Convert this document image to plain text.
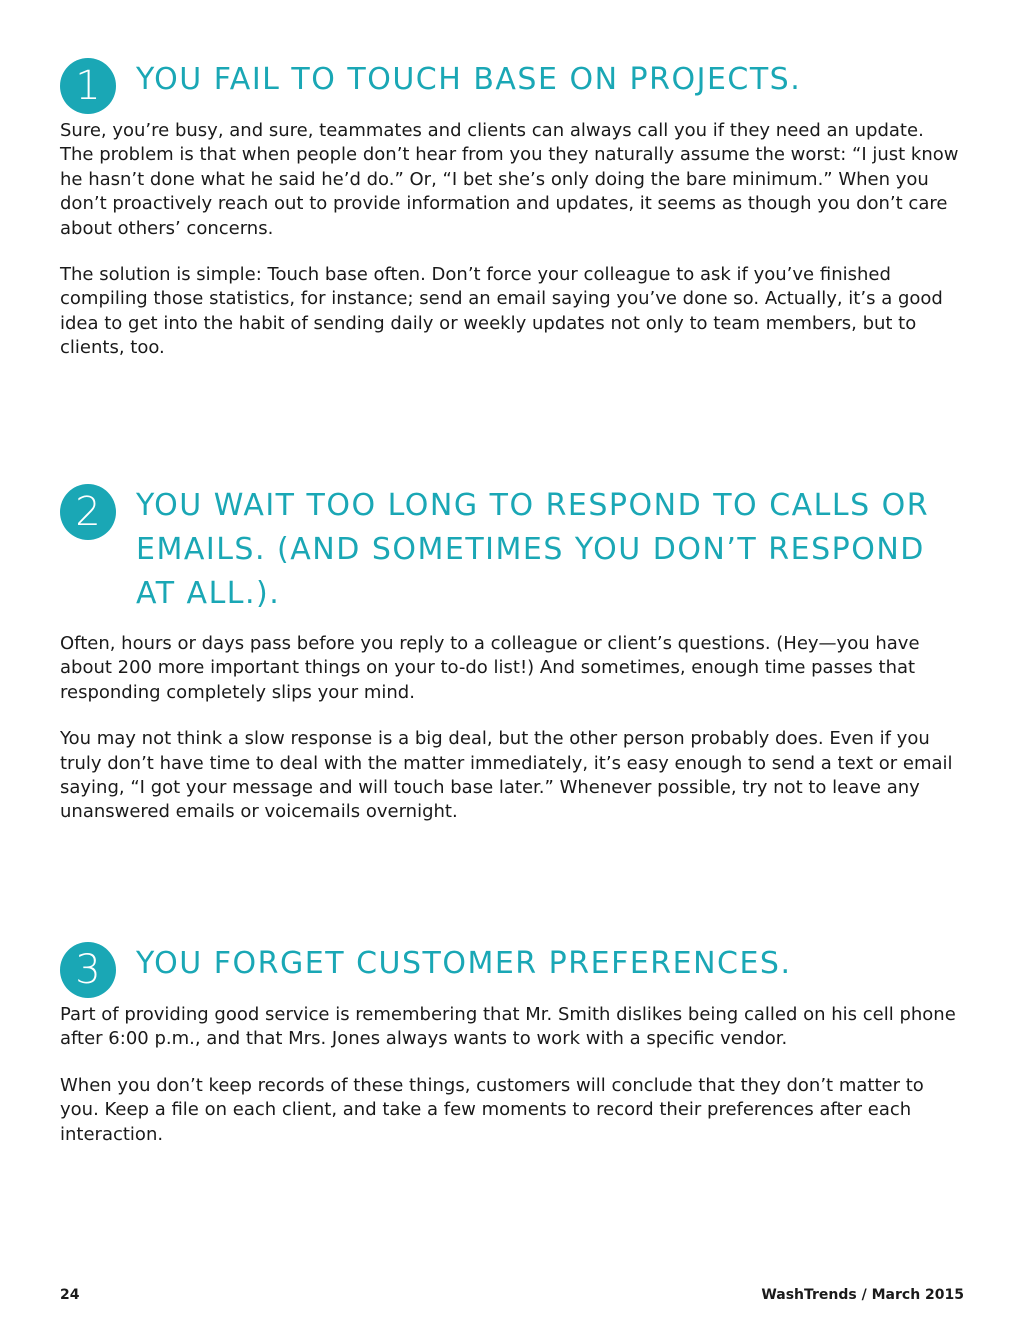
1	YOU FAIL TO TOUCH BASE ON PROJECTS.

Sure, you’re busy, and sure, teammates and clients can always call you if they need an update. The problem is that when people don’t hear from you they naturally assume the worst: “I just know he hasn’t done what he said he’d do.” Or, “I bet she’s only doing the bare minimum.” When you don’t proactively reach out to provide information and updates, it seems as though you don’t care about others’ concerns.

The solution is simple: Touch base often. Don’t force your colleague to ask if you’ve finished compiling those statistics, for instance; send an email saying you’ve done so. Actually, it’s a good idea to get into the habit of sending daily or weekly updates not only to team members, but to clients, too.

2	YOU WAIT TOO LONG TO RESPOND TO CALLS OR EMAILS. (AND SOMETIMES YOU DON’T RESPOND AT ALL.).

Often, hours or days pass before you reply to a colleague or client’s questions. (Hey—you have about 200 more important things on your to-do list!) And sometimes, enough time passes that responding completely slips your mind.

You may not think a slow response is a big deal, but the other person probably does. Even if you truly don’t have time to deal with the matter immediately, it’s easy enough to send a text or email saying, “I got your message and will touch base later.” Whenever possible, try not to leave any unanswered emails or voicemails overnight.

3	YOU FORGET CUSTOMER PREFERENCES.

Part of providing good service is remembering that Mr. Smith dislikes being called on his cell phone after 6:00 p.m., and that Mrs. Jones always wants to work with a specific vendor.

When you don’t keep records of these things, customers will conclude that they don’t matter to you. Keep a file on each client, and take a few moments to record their preferences after each interaction.

24	WashTrends / March 2015
